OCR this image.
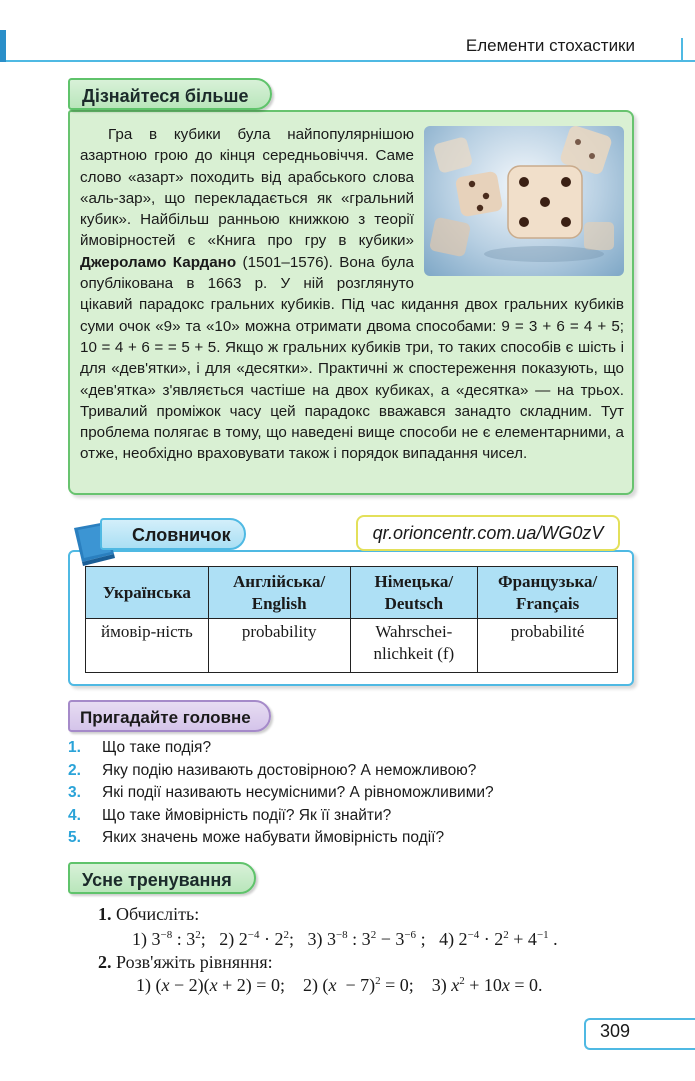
Елементи стохастики
Дізнайтеся більше

Гра в кубики була найпопулярнішою азартною грою до кінця середньовіччя. Саме слово «азарт» походить від арабського слова «аль-зар», що перекладається як «гральний кубик». Найбільш ранньою книжкою з теорії ймовірностей є «Книга про гру в кубики» Джероламо Кардано (1501–1576). Вона була опублікована в 1663 р. У ній розглянуто цікавий парадокс гральних кубиків. Під час кидання двох гральних кубиків суми очок «9» та «10» можна отримати двома способами: 9 = 3 + 6 = 4 + 5; 10 = 4 + 6 = = 5 + 5. Якщо ж гральних кубиків три, то таких способів є шість і для «дев'ятки», і для «десятки». Практичні ж спостереження показують, що «дев'ятка» з'являється частіше на двох кубиках, а «десятка» — на трьох. Тривалий проміжок часу цей парадокс вважався занадто складним. Тут проблема полягає в тому, що наведені вище способи не є елементарними, а отже, необхідно враховувати також і порядок випадання чисел.

Словничок	qr.orioncentr.com.ua/WG0zV
Українська	Англійська/ English	Німецька/ Deutsch	Французька/ Français
ймовір-ність	probability	Wahrschei-nlichkeit (f)	probabilité
Пригадайте головне
1. Що таке подія?
2. Яку подію називають достовірною? А неможливою?
3. Які події називають несумісними? А рівноможливими?
4. Що таке ймовірність події? Як її знайти?
5. Яких значень може набувати ймовірність події?
Усне тренування
1. Обчисліть:
1) $3^{-8}$ : $3^2$;   2) $2^{-4} \cdot 2^2$;   3) $3^{-8}$ : $3^2 - 3^{-6}$ ;   4) $2^{-4} \cdot 2^2 + 4^{-1}$ .
2. Розв'яжіть рівняння:
1) (x − 2)(x + 2) = 0;    2) $(x - 7)^2 = 0$;    3) $x^2 + 10x = 0$.
309
